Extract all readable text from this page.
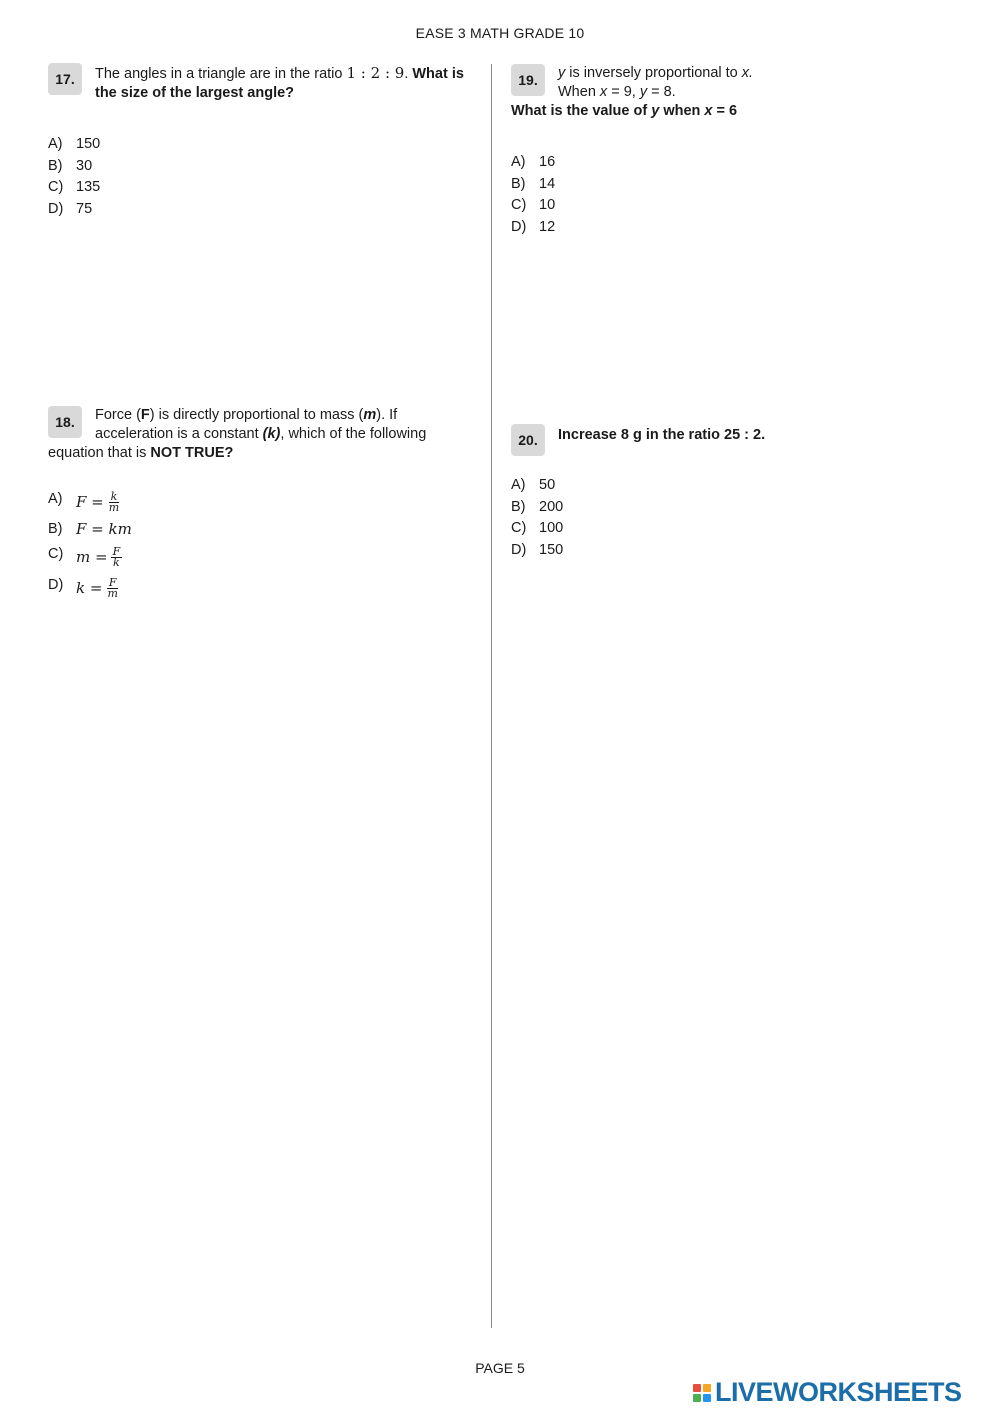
EASE 3 MATH GRADE 10
17.	The angles in a triangle are in the ratio 1 : 2 : 9. What is
the size of the largest angle?
A) 150
B) 30
C) 135
D) 75
18.	Force (F) is directly proportional to mass (m). If
acceleration is a constant (k), which of the following
equation that is NOT TRUE?
A) $F = \frac{k}{m}$
B) F = km
C) $m = \frac{F}{k}$
D) $k = \frac{F}{m}$
19.	y is inversely proportional to x.
When x = 9, y = 8.
What is the value of y when x = 6
A) 16
B) 14
C) 10
D) 12
20.	Increase 8 g in the ratio 25 : 2.
A) 50
B) 200
C) 100
D) 150
PAGE 5
LIVEWORKSHEETS
